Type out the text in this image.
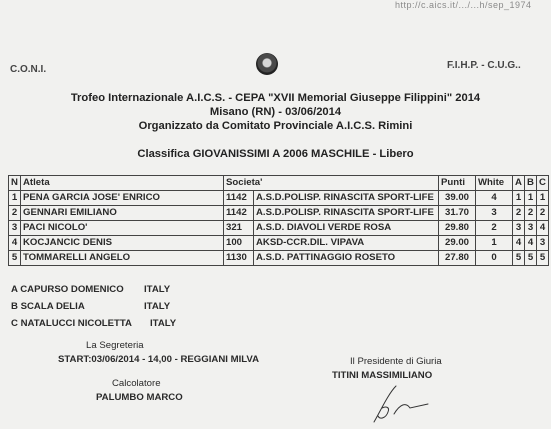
http://c.aics.it/.../...h/sep_1974
C.O.N.I.	F.I.H.P. - C.U.G..
Trofeo Internazionale A.I.C.S. - CEPA "XVII Memorial Giuseppe Filippini" 2014
Misano (RN) - 03/06/2014
Organizzato da Comitato Provinciale A.I.C.S. Rimini
Classifica GIOVANISSIMI A 2006 MASCHILE - Libero
N	Atleta	Societa'		Punti	White	A	B	C
1	PENA GARCIA JOSE' ENRICO	1142	A.S.D.POLISP. RINASCITA SPORT-LIFE	39.00	4	1	1	1
2	GENNARI EMILIANO	1142	A.S.D.POLISP. RINASCITA SPORT-LIFE	31.70	3	2	2	2
3	PACI NICOLO'	321	A.S.D. DIAVOLI VERDE ROSA	29.80	2	3	3	4
4	KOCJANCIC DENIS	100	AKSD-CCR.DIL. VIPAVA	29.00	1	4	4	3
5	TOMMARELLI ANGELO	1130	A.S.D. PATTINAGGIO ROSETO	27.80	0	5	5	5
A CAPURSO DOMENICO ITALY
B SCALA DELIA	ITALY
C NATALUCCI NICOLETTA ITALY
La Segreteria
START:03/06/2014 - 14,00 - REGGIANI MILVA
Calcolatore
PALUMBO MARCO
Il Presidente di Giuria
TITINI MASSIMILIANO
